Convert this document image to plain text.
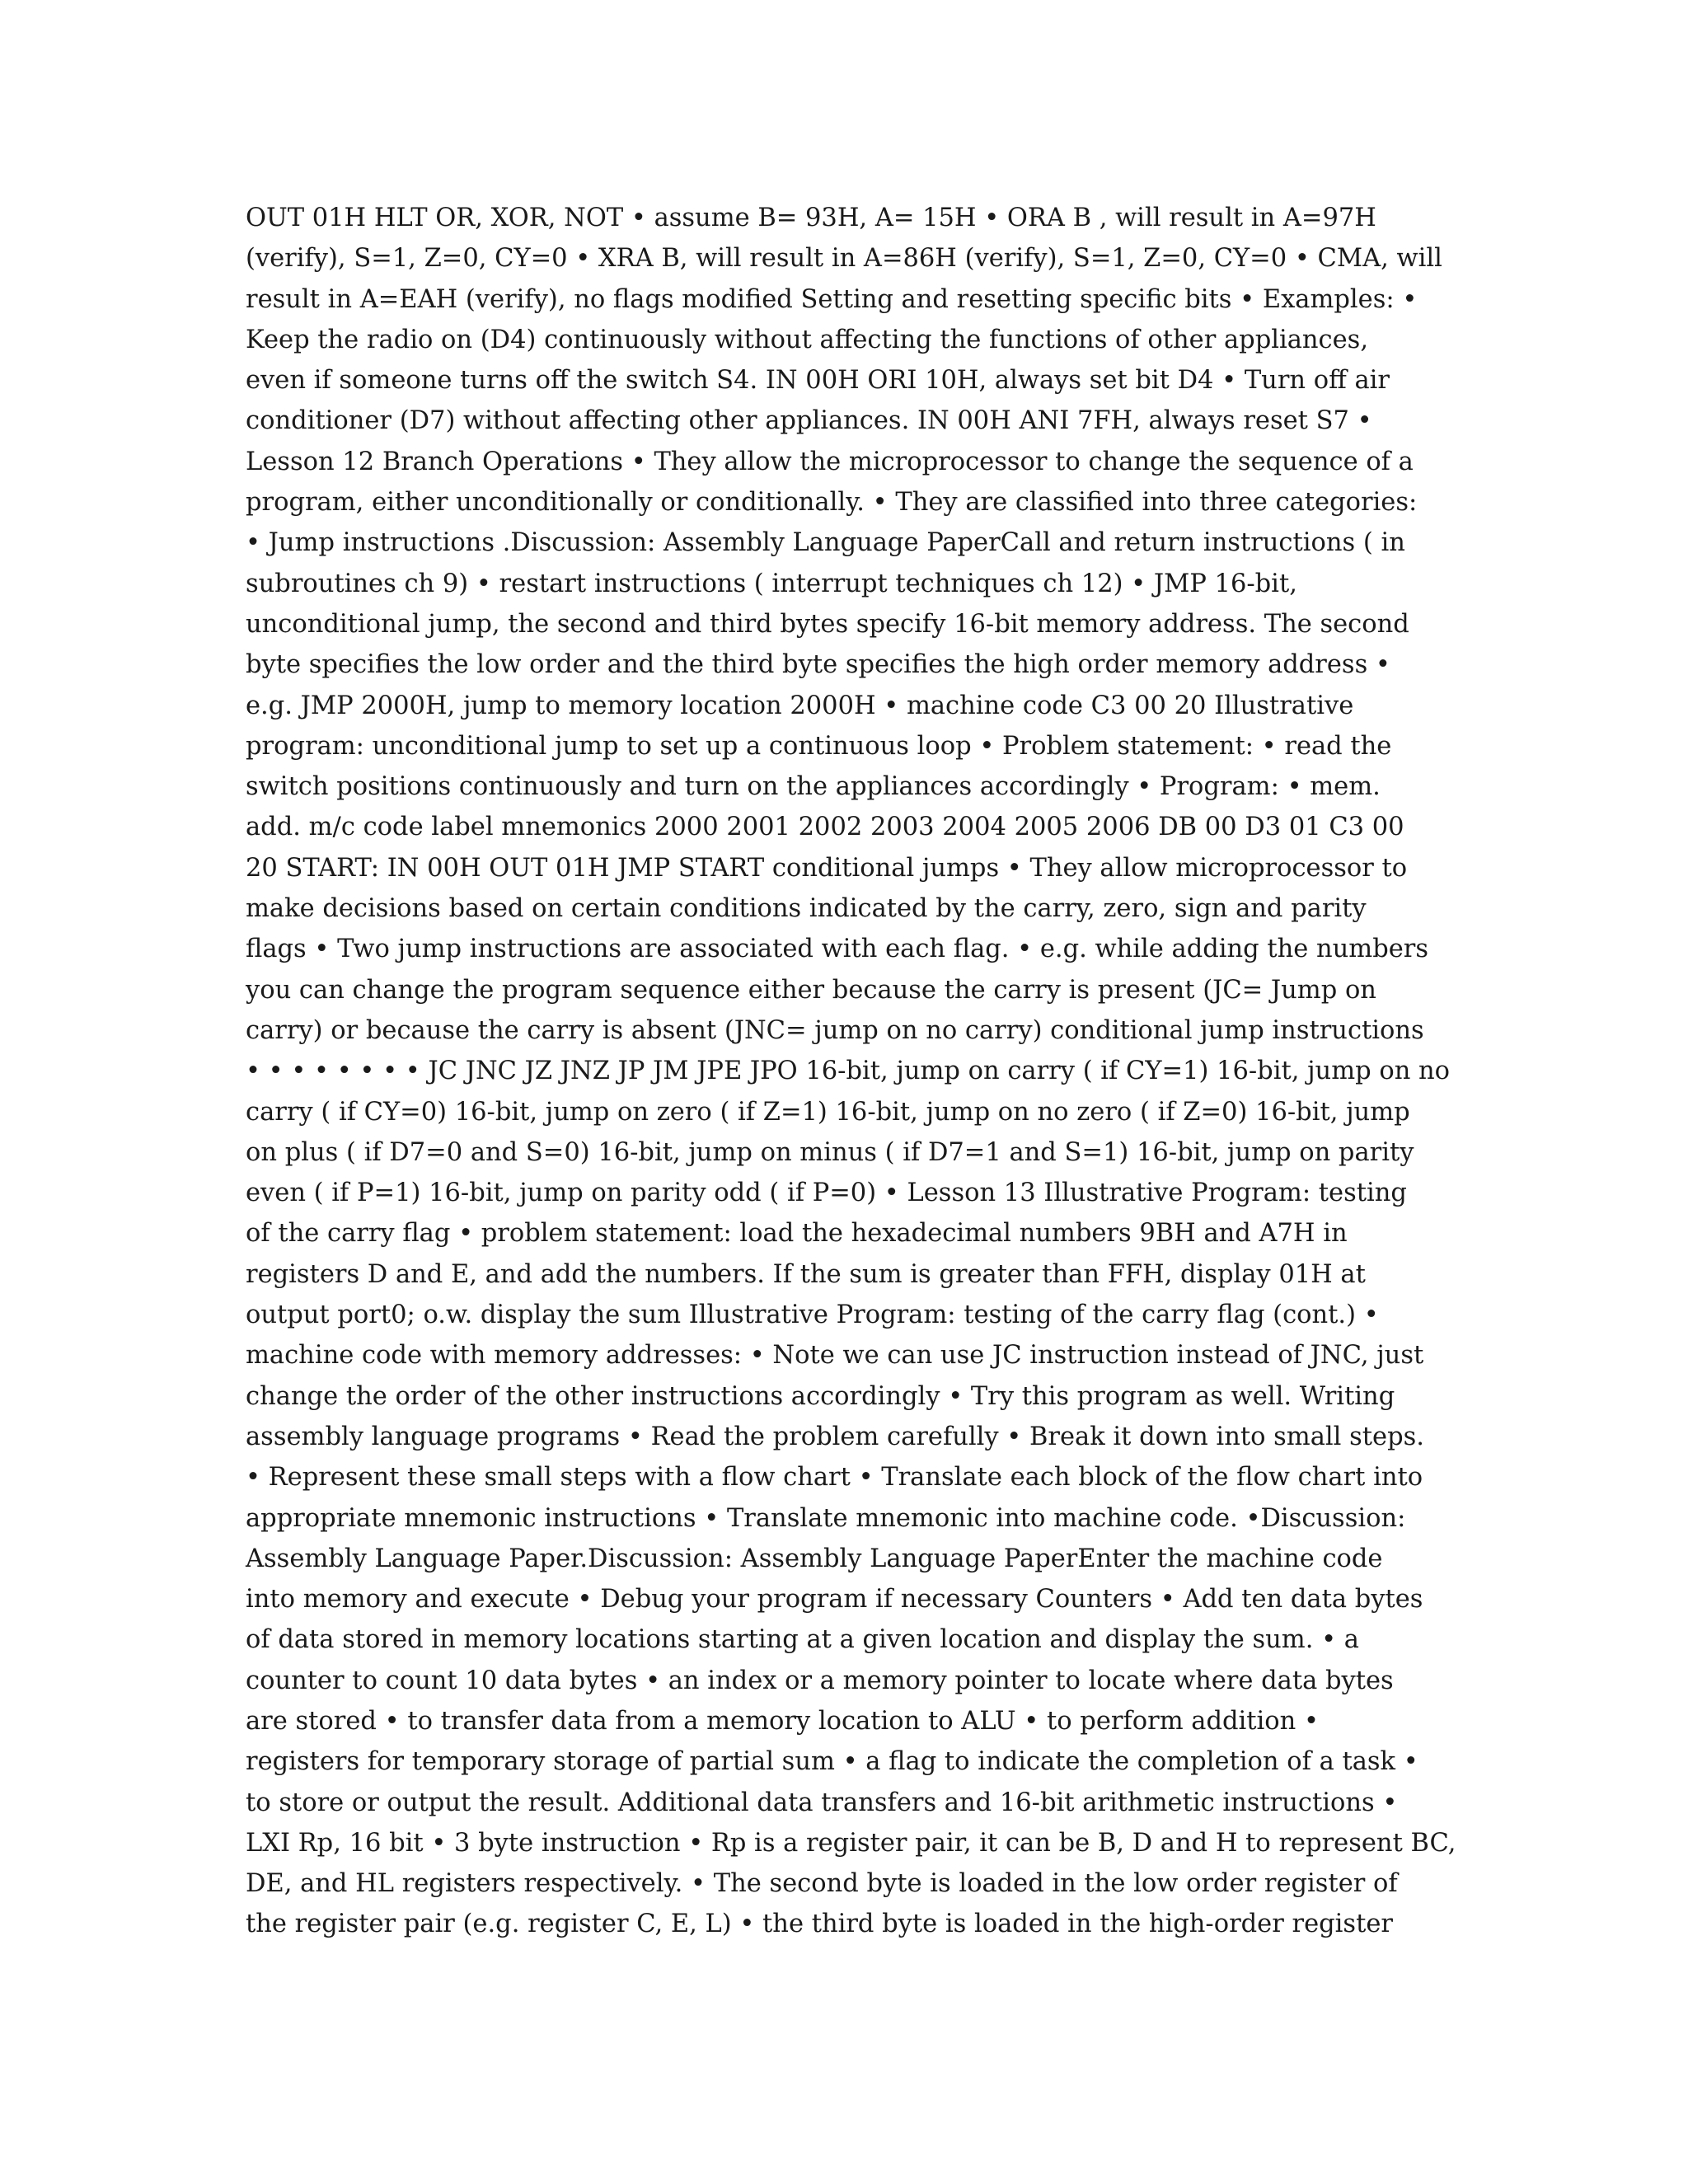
OUT 01H HLT OR, XOR, NOT • assume B= 93H, A= 15H • ORA B , will result in A=97H
(verify), S=1, Z=0, CY=0 • XRA B, will result in A=86H (verify), S=1, Z=0, CY=0 • CMA, will
result in A=EAH (verify), no flags modified Setting and resetting specific bits • Examples: •
Keep the radio on (D4) continuously without affecting the functions of other appliances,
even if someone turns off the switch S4. IN 00H ORI 10H, always set bit D4 • Turn off air
conditioner (D7) without affecting other appliances. IN 00H ANI 7FH, always reset S7 •
Lesson 12 Branch Operations • They allow the microprocessor to change the sequence of a
program, either unconditionally or conditionally. • They are classified into three categories:
• Jump instructions .Discussion: Assembly Language PaperCall and return instructions ( in
subroutines ch 9) • restart instructions ( interrupt techniques ch 12) • JMP 16-bit,
unconditional jump, the second and third bytes specify 16-bit memory address. The second
byte specifies the low order and the third byte specifies the high order memory address •
e.g. JMP 2000H, jump to memory location 2000H • machine code C3 00 20 Illustrative
program: unconditional jump to set up a continuous loop • Problem statement: • read the
switch positions continuously and turn on the appliances accordingly • Program: • mem.
add. m/c code label mnemonics 2000 2001 2002 2003 2004 2005 2006 DB 00 D3 01 C3 00
20 START: IN 00H OUT 01H JMP START conditional jumps • They allow microprocessor to
make decisions based on certain conditions indicated by the carry, zero, sign and parity
flags • Two jump instructions are associated with each flag. • e.g. while adding the numbers
you can change the program sequence either because the carry is present (JC= Jump on
carry) or because the carry is absent (JNC= jump on no carry) conditional jump instructions
• • • • • • • • JC JNC JZ JNZ JP JM JPE JPO 16-bit, jump on carry ( if CY=1) 16-bit, jump on no
carry ( if CY=0) 16-bit, jump on zero ( if Z=1) 16-bit, jump on no zero ( if Z=0) 16-bit, jump
on plus ( if D7=0 and S=0) 16-bit, jump on minus ( if D7=1 and S=1) 16-bit, jump on parity
even ( if P=1) 16-bit, jump on parity odd ( if P=0) • Lesson 13 Illustrative Program: testing
of the carry flag • problem statement: load the hexadecimal numbers 9BH and A7H in
registers D and E, and add the numbers. If the sum is greater than FFH, display 01H at
output port0; o.w. display the sum Illustrative Program: testing of the carry flag (cont.) •
machine code with memory addresses: • Note we can use JC instruction instead of JNC, just
change the order of the other instructions accordingly • Try this program as well. Writing
assembly language programs • Read the problem carefully • Break it down into small steps.
• Represent these small steps with a flow chart • Translate each block of the flow chart into
appropriate mnemonic instructions • Translate mnemonic into machine code. •Discussion:
Assembly Language Paper.Discussion: Assembly Language PaperEnter the machine code
into memory and execute • Debug your program if necessary Counters • Add ten data bytes
of data stored in memory locations starting at a given location and display the sum. • a
counter to count 10 data bytes • an index or a memory pointer to locate where data bytes
are stored • to transfer data from a memory location to ALU • to perform addition •
registers for temporary storage of partial sum • a flag to indicate the completion of a task •
to store or output the result. Additional data transfers and 16-bit arithmetic instructions •
LXI Rp, 16 bit • 3 byte instruction • Rp is a register pair, it can be B, D and H to represent BC,
DE, and HL registers respectively. • The second byte is loaded in the low order register of
the register pair (e.g. register C, E, L) • the third byte is loaded in the high-order register
